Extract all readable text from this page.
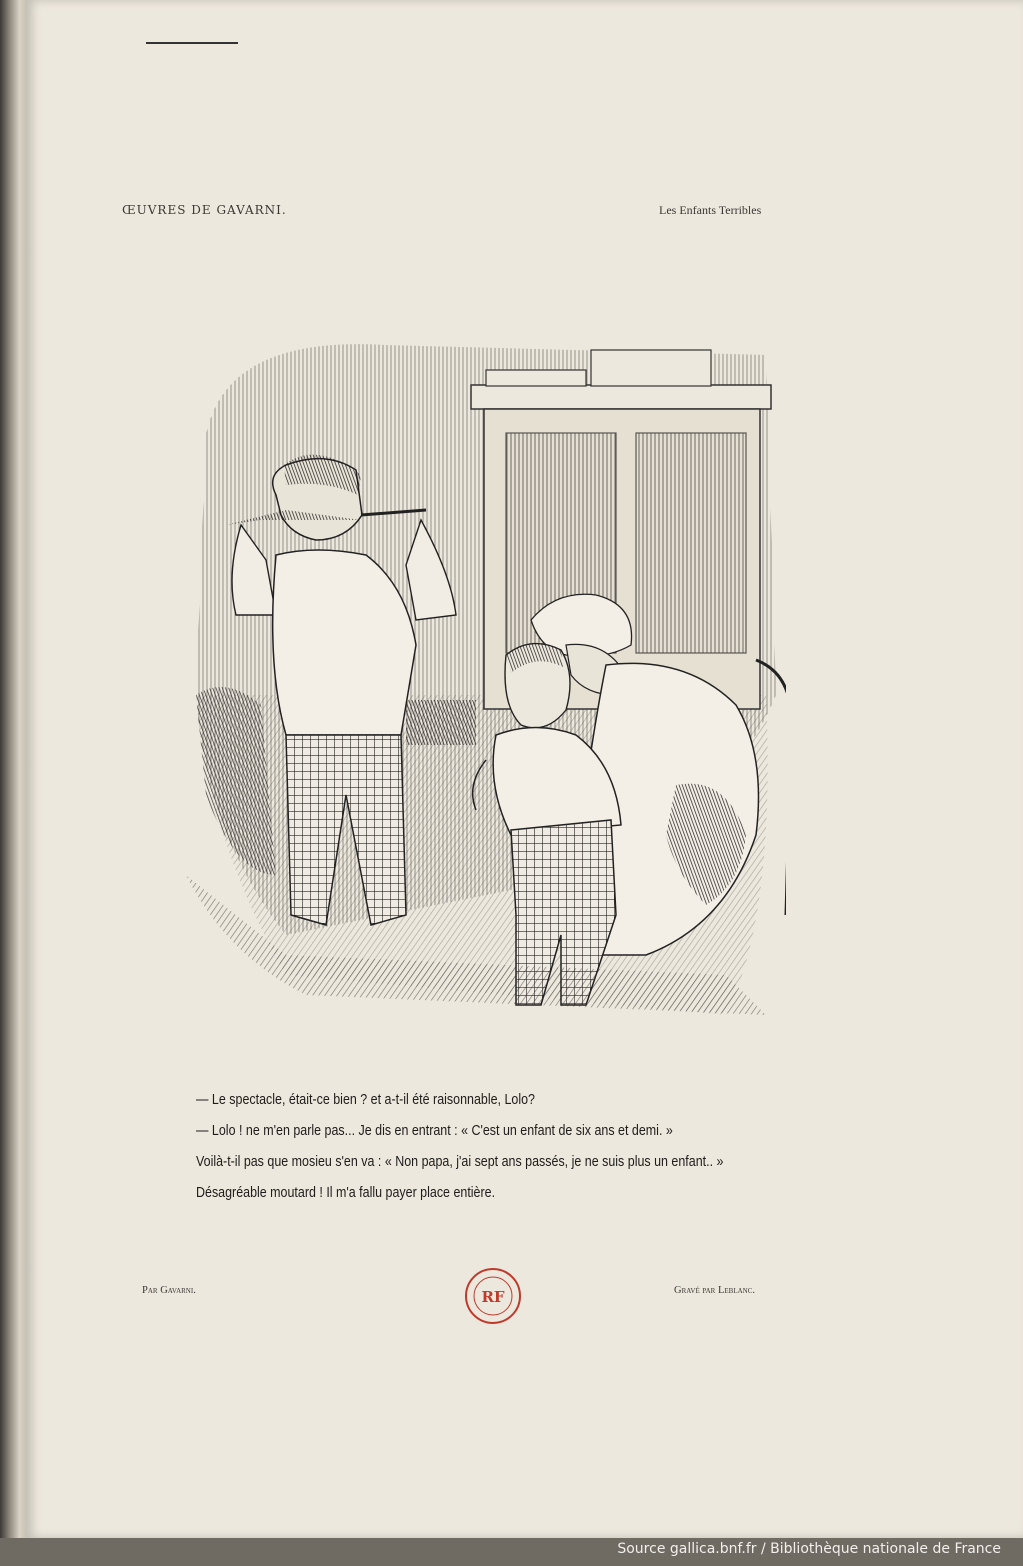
ŒUVRES DE GAVARNI.	Les Enfants Terribles
— Le spectacle, était-ce bien ? et a-t-il été raisonnable, Lolo?
— Lolo ! ne m'en parle pas... Je dis en entrant : « C'est un enfant de six ans et demi. »
Voilà-t-il pas que mosieu s'en va : « Non papa, j'ai sept ans passés, je ne suis plus un enfant.. »
Désagréable moutard ! Il m'a fallu payer place entière.
Par Gavarni.	RF	Gravé par Leblanc.
Source gallica.bnf.fr / Bibliothèque nationale de France
